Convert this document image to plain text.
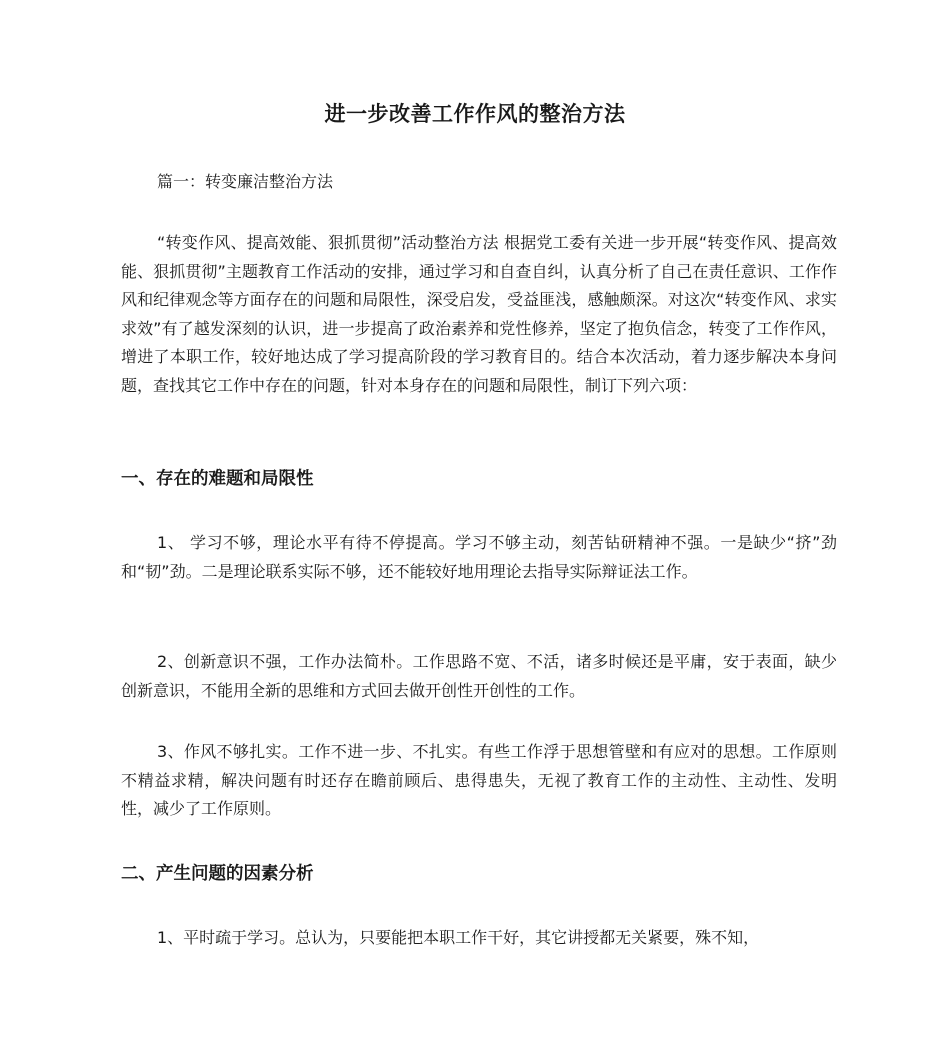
进一步改善工作作风的整治方法
篇一：转变廉洁整治方法

“转变作风、提高效能、狠抓贯彻”活动整治方法 根据党工委有关进一步开展“转变作风、提高效能、狠抓贯彻”主题教育工作活动的安排，通过学习和自查自纠，认真分析了自己在责任意识、工作作风和纪律观念等方面存在的问题和局限性，深受启发，受益匪浅，感触颇深。对这次“转变作风、求实求效”有了越发深刻的认识，进一步提高了政治素养和党性修养，坚定了抱负信念，转变了工作作风，增进了本职工作，较好地达成了学习提高阶段的学习教育目的。结合本次活动，着力逐步解决本身问题，查找其它工作中存在的问题，针对本身存在的问题和局限性，制订下列六项：

一、存在的难题和局限性

1、 学习不够，理论水平有待不停提高。学习不够主动，刻苦钻研精神不强。一是缺少“挤”劲和“韧”劲。二是理论联系实际不够，还不能较好地用理论去指导实际辩证法工作。

2、创新意识不强，工作办法简朴。工作思路不宽、不活，诸多时候还是平庸，安于表面，缺少创新意识，不能用全新的思维和方式回去做开创性开创性的工作。

3、作风不够扎实。工作不进一步、不扎实。有些工作浮于思想管壁和有应对的思想。工作原则不精益求精，解决问题有时还存在瞻前顾后、患得患失，无视了教育工作的主动性、主动性、发明性，减少了工作原则。

二、产生问题的因素分析

1、平时疏于学习。总认为，只要能把本职工作干好，其它讲授都无关紧要，殊不知，
